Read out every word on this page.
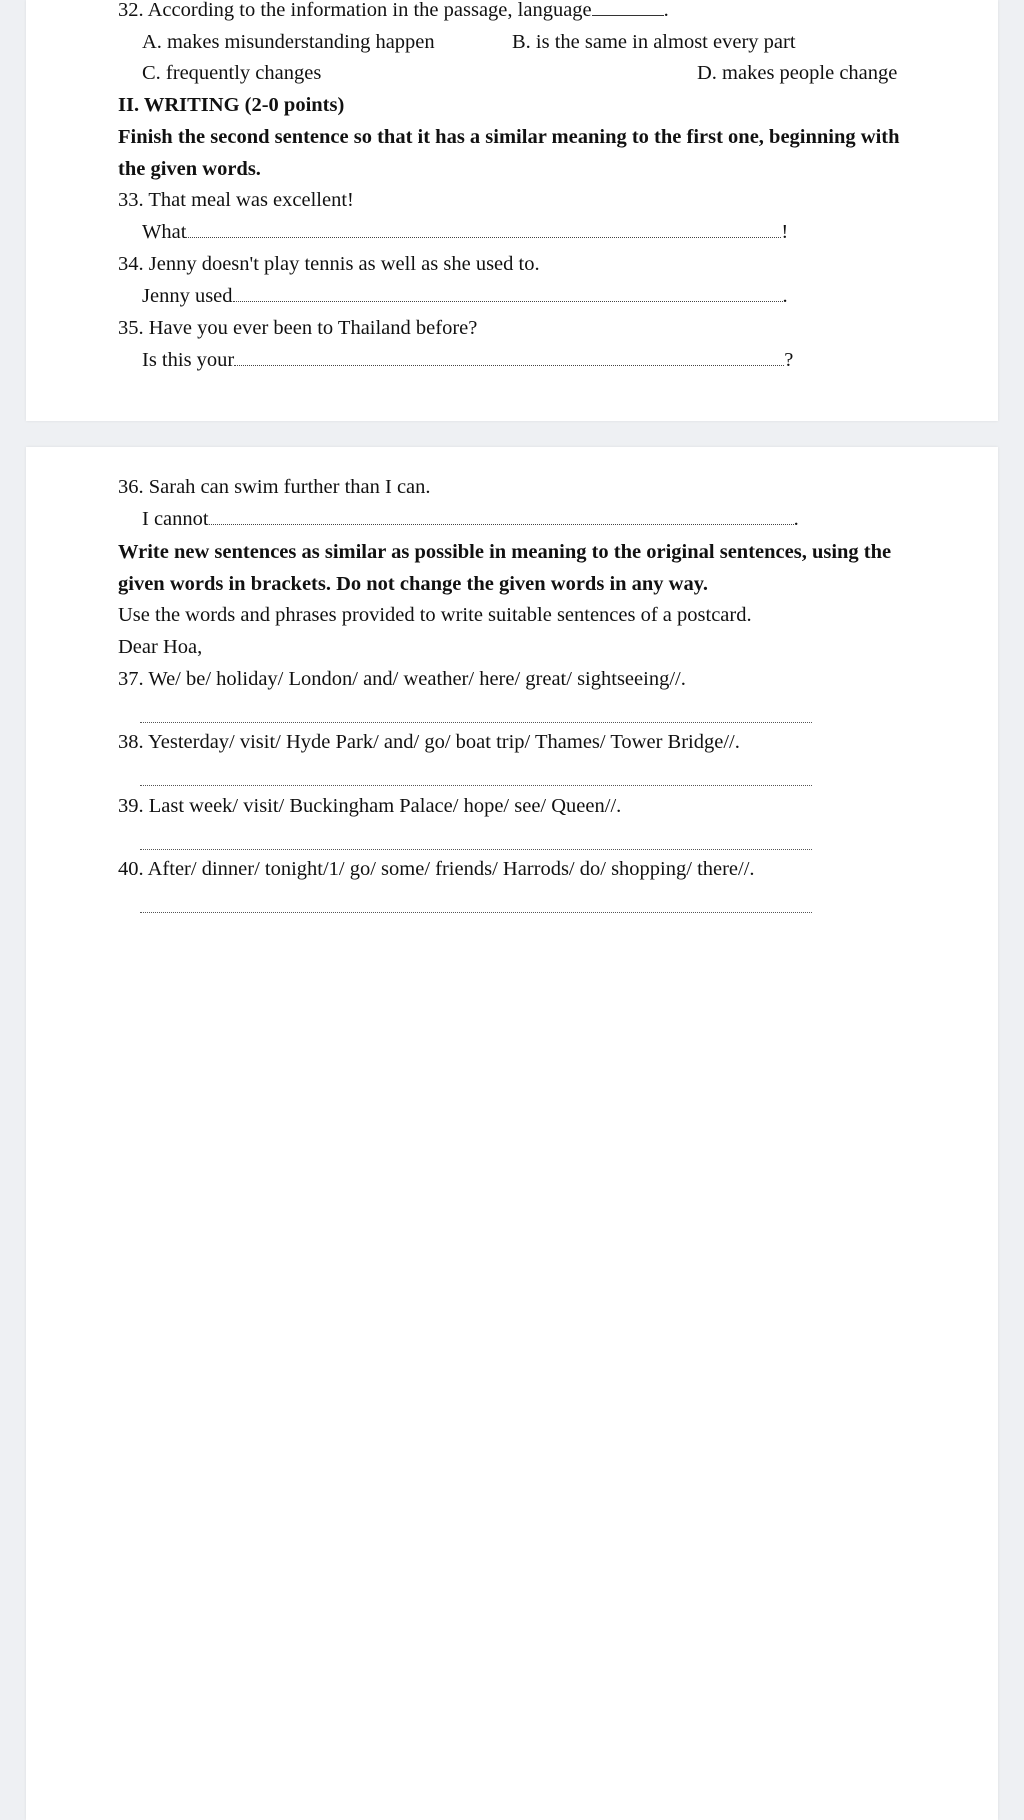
32. According to the information in the passage, language	.
A. makes misunderstanding happen	B. is the same in almost every part
C. frequently changes	D. makes people change
II. WRITING (2-0 points)
Finish the second sentence so that it has a similar meaning to the first one, beginning with
the given words.
33. That meal was excellent!
What	!
34. Jenny doesn't play tennis as well as she used to.
Jenny used	.
35. Have you ever been to Thailand before?
Is this your	?
36. Sarah can swim further than I can.
I cannot	.
Write new sentences as similar as possible in meaning to the original sentences, using the
given words in brackets. Do not change the given words in any way.
Use the words and phrases provided to write suitable sentences of a postcard.
Dear Hoa,
37. We/ be/ holiday/ London/ and/ weather/ here/ great/ sightseeing//.
38. Yesterday/ visit/ Hyde Park/ and/ go/ boat trip/ Thames/ Tower Bridge//.
39. Last week/ visit/ Buckingham Palace/ hope/ see/ Queen//.
40. After/ dinner/ tonight/1/ go/ some/ friends/ Harrods/ do/ shopping/ there//.
